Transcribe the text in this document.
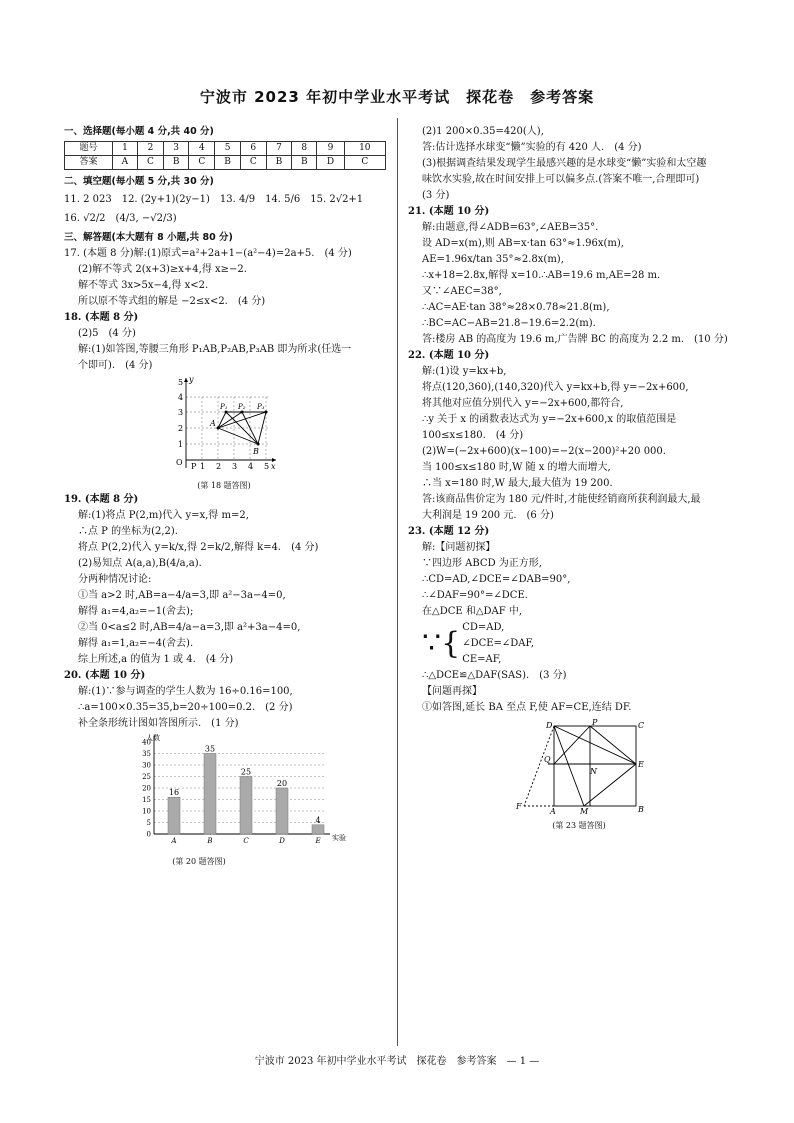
宁波市 2023 年初中学业水平考试　探花卷　参考答案
一、选择题(每小题 4 分,共 40 分)
题号	1	2	3	4	5	6	7	8	9	10
答案	A	C	B	C	B	C	B	B	D	C
二、填空题(每小题 5 分,共 30 分)
11. 2 023　12. (2y+1)(2y−1)　13. 4/9　14. 5/6　15. 2√2+1
16. √2/2　(4/3, −√2/3)
三、解答题(本大题有 8 小题,共 80 分)
17. (本题 8 分)解:(1)原式=a²+2a+1−(a²−4)=2a+5.　(4 分)
(2)解不等式 2(x+3)≥x+4,得 x≥−2.
解不等式 3x>5x−4,得 x<2.
所以原不等式组的解是 −2≤x<2.　(4 分)
18. (本题 8 分)
(2)5　(4 分)
解:(1)如答图,等腰三角形 P₁AB,P₂AB,P₃AB 即为所求(任选一
个即可).　(4 分)
O P 1 2 3 4 5 x
1
2
3
4
5 y
A
B
P₁ P₂ P₃
(第 18 题答图)
19. (本题 8 分)
解:(1)将点 P(2,m)代入 y=x,得 m=2,
∴点 P 的坐标为(2,2).
将点 P(2,2)代入 y=k/x,得 2=k/2,解得 k=4.　(4 分)
(2)易知点 A(a,a),B(4/a,a).
分两种情况讨论:
①当 a>2 时,AB=a−4/a=3,即 a²−3a−4=0,
解得 a₁=4,a₂=−1(舍去);
②当 0<a≤2 时,AB=4/a−a=3,即 a²+3a−4=0,
解得 a₁=1,a₂=−4(舍去).
综上所述,a 的值为 1 或 4.　(4 分)
20. (本题 10 分)
解:(1)∵参与调查的学生人数为 16÷0.16=100,
∴a=100×0.35=35,b=20÷100=0.2.　(2 分)
补全条形统计图如答图所示.　(1 分)
人数
实验
0
5
10
15
20
25
30
35
40
16
A
35
B
25
C
20
D
4
E
(第 20 题答图)
(2)1 200×0.35=420(人),
答:估计选择水球变“懒”实验的有 420 人.　(4 分)
(3)根据调查结果发现学生最感兴趣的是水球变“懒”实验和太空趣
味饮水实验,故在时间安排上可以偏多点.(答案不唯一,合理即可)
(3 分)
21. (本题 10 分)
解:由题意,得∠ADB=63°,∠AEB=35°.
设 AD=x(m),则 AB=x·tan 63°≈1.96x(m),
AE=1.96x/tan 35°≈2.8x(m),
∴x+18=2.8x,解得 x=10.∴AB=19.6 m,AE=28 m.
又∵∠AEC=38°,
∴AC=AE·tan 38°≈28×0.78≈21.8(m),
∴BC=AC−AB=21.8−19.6=2.2(m).
答:楼房 AB 的高度为 19.6 m,广告牌 BC 的高度为 2.2 m.　(10 分)
22. (本题 10 分)
解:(1)设 y=kx+b,
将点(120,360),(140,320)代入 y=kx+b,得 y=−2x+600,
将其他对应值分别代入 y=−2x+600,都符合,
∴y 关于 x 的函数表达式为 y=−2x+600,x 的取值范围是
100≤x≤180.　(4 分)
(2)W=(−2x+600)(x−100)=−2(x−200)²+20 000.
当 100≤x≤180 时,W 随 x 的增大而增大,
∴当 x=180 时,W 最大,最大值为 19 200.
答:该商品售价定为 180 元/件时,才能使经销商所获利润最大,最
大利润是 19 200 元.　(6 分)
23. (本题 12 分)
解:【问题初探】
∵四边形 ABCD 为正方形,
∴CD=AD,∠DCE=∠DAB=90°,
∴∠DAF=90°=∠DCE.
在△DCE 和△DAF 中,
∵{ CD=AD,
∠DCE=∠DAF,
CE=AF,
∴△DCE≌△DAF(SAS).　(3 分)
【问题再探】
①如答图,延长 BA 至点 F,使 AF=CE,连结 DF.
D	P	C
Q
N
E
F
A	M	B
(第 23 题答图)
宁波市 2023 年初中学业水平考试　探花卷　参考答案　— 1 —
